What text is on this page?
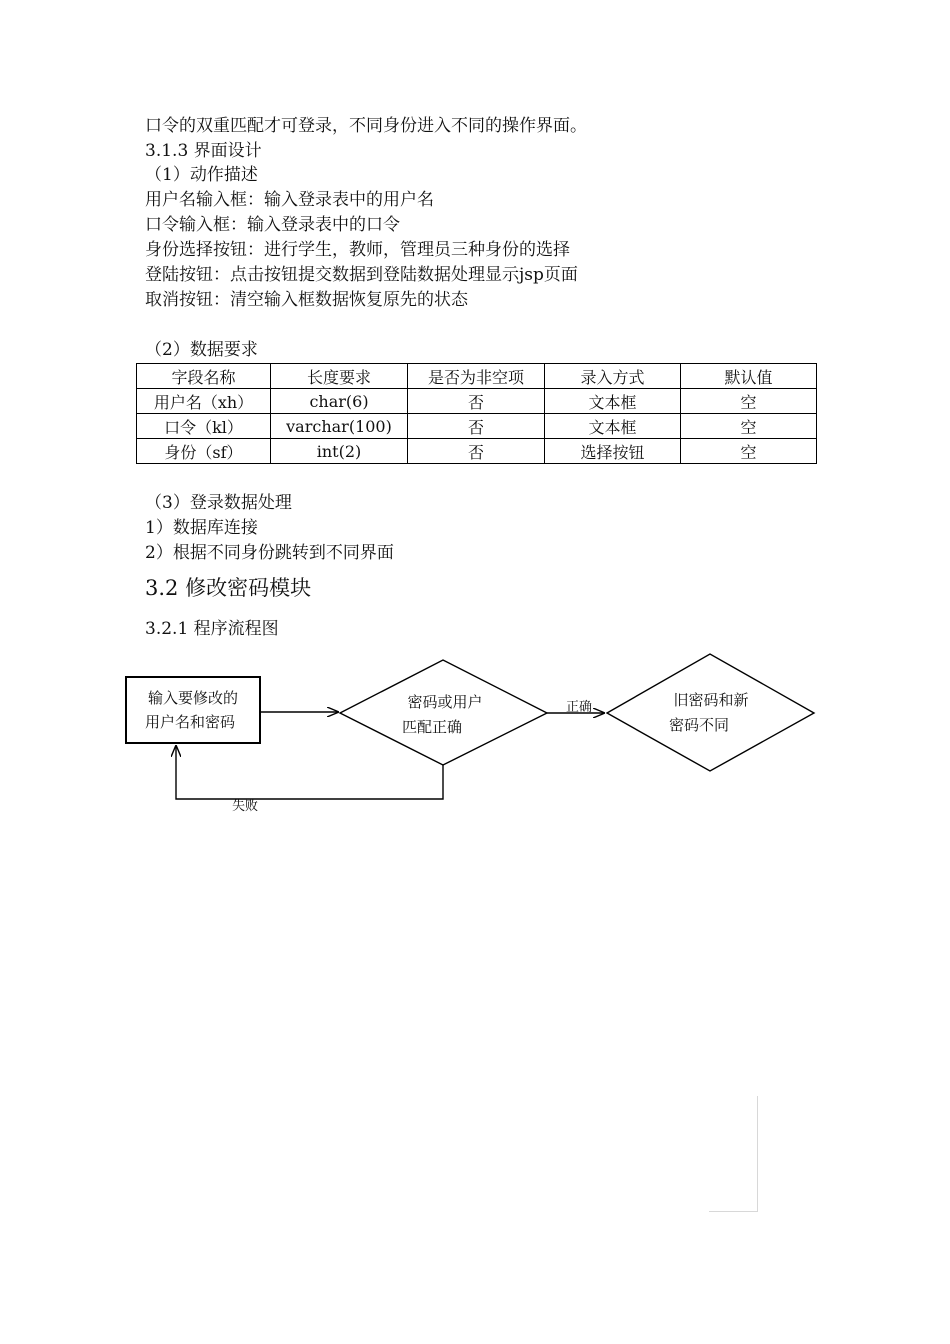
口令的双重匹配才可登录，不同身份进入不同的操作界面。
3.1.3 界面设计
（1）动作描述
用户名输入框：输入登录表中的用户名
口令输入框：输入登录表中的口令
身份选择按钮：进行学生，教师，管理员三种身份的选择
登陆按钮：点击按钮提交数据到登陆数据处理显示jsp页面
取消按钮：清空输入框数据恢复原先的状态
（2）数据要求
字段名称	长度要求	是否为非空项	录入方式	默认值
用户名（xh）	char(6)	否	文本框	空
口令（kl）	varchar(100)	否	文本框	空
身份（sf）	int(2)	否	选择按钮	空
（3）登录数据处理
1）数据库连接
2）根据不同身份跳转到不同界面
3.2 修改密码模块
3.2.1 程序流程图
输入要修改的
用户名和密码
密码或用户
匹配正确
正确	旧密码和新
密码不同
失败
